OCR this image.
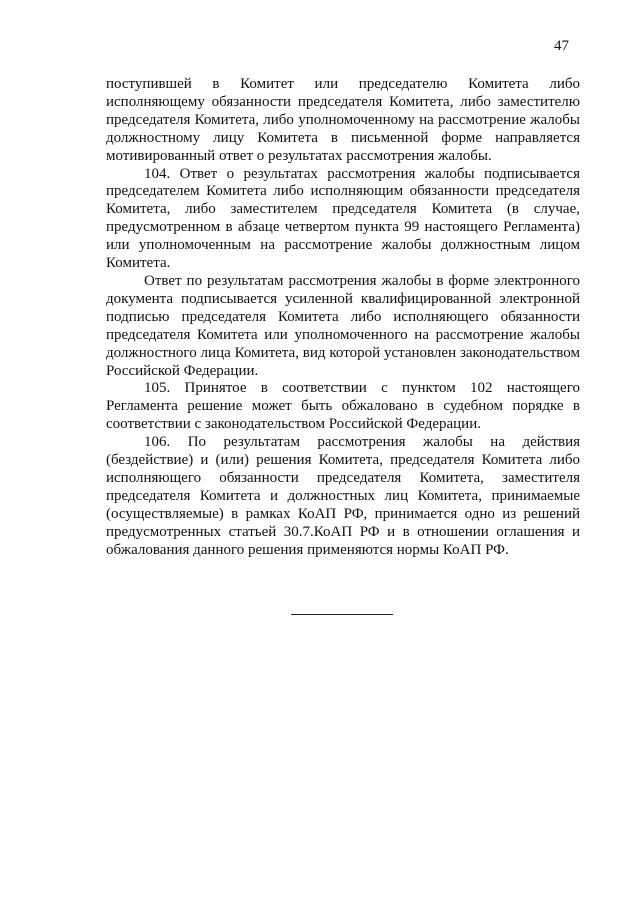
47

поступившей в Комитет или председателю Комитета либо исполняющему обязанности председателя Комитета, либо заместителю председателя Комитета, либо уполномоченному на рассмотрение жалобы должностному лицу Комитета в письменной форме направляется мотивированный ответ о результатах рассмотрения жалобы.

104. Ответ о результатах рассмотрения жалобы подписывается председателем Комитета либо исполняющим обязанности председателя Комитета, либо заместителем председателя Комитета (в случае, предусмотренном в абзаце четвертом пункта 99 настоящего Регламента) или уполномоченным на рассмотрение жалобы должностным лицом Комитета.

Ответ по результатам рассмотрения жалобы в форме электронного документа подписывается усиленной квалифицированной электронной подписью председателя Комитета либо исполняющего обязанности председателя Комитета или уполномоченного на рассмотрение жалобы должностного лица Комитета, вид которой установлен законодательством Российской Федерации.

105. Принятое в соответствии с пунктом 102 настоящего Регламента решение может быть обжаловано в судебном порядке в соответствии с законодательством Российской Федерации.

106. По результатам рассмотрения жалобы на действия (бездействие) и (или) решения Комитета, председателя Комитета либо исполняющего обязанности председателя Комитета, заместителя председателя Комитета и должностных лиц Комитета, принимаемые (осуществляемые) в рамках КоАП РФ, принимается одно из решений предусмотренных статьей 30.7.КоАП РФ и в отношении оглашения и обжалования данного решения применяются нормы КоАП РФ.
